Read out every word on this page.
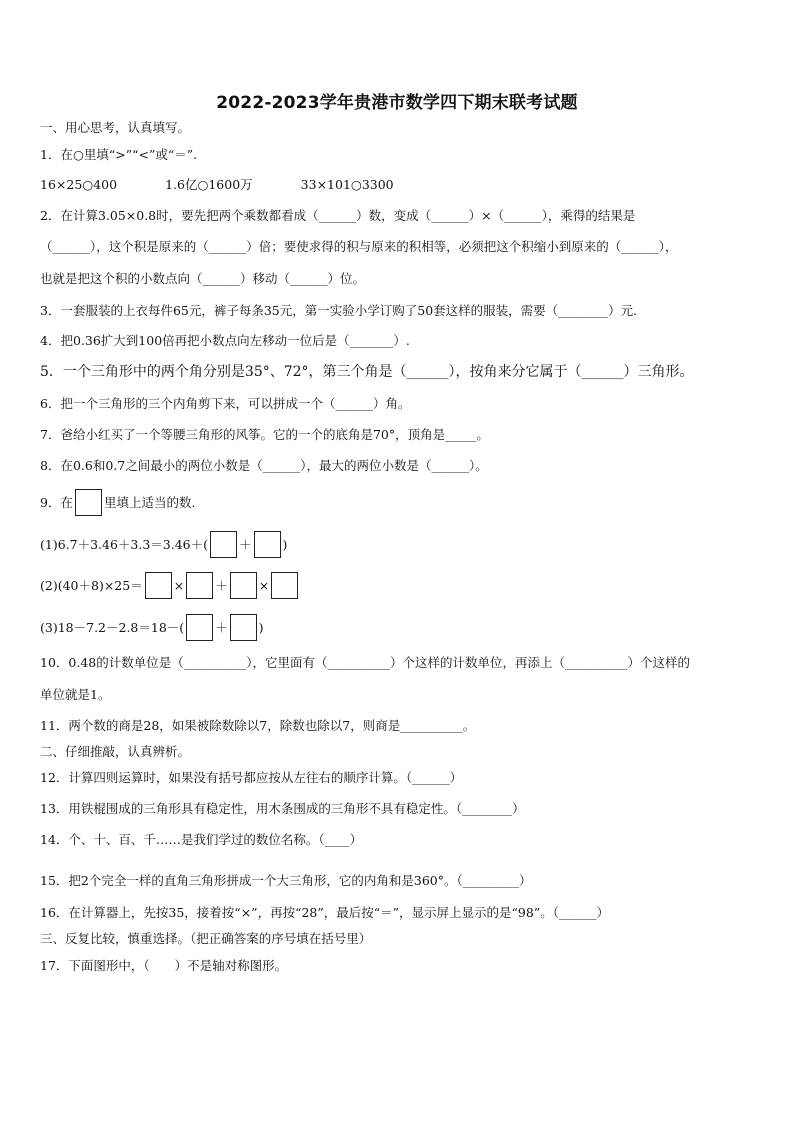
2022-2023学年贵港市数学四下期末联考试题
一、用心思考，认真填写。
1．在○里填“>”“<”或“＝”.
16×25○400	1.6亿○1600万	33×101○3300
2．在计算3.05×0.8时，要先把两个乘数都看成（______）数，变成（______）×（______），乘得的结果是
（______），这个积是原来的（______）倍；要使求得的积与原来的积相等，必须把这个积缩小到原来的（______），
也就是把这个积的小数点向（______）移动（______）位。
3．一套服装的上衣每件65元，裤子每条35元，第一实验小学订购了50套这样的服装，需要（________）元.
4．把0.36扩大到100倍再把小数点向左移动一位后是（_______）.
5．一个三角形中的两个角分别是35°、72°，第三个角是（______），按角来分它属于（______）三角形。
6．把一个三角形的三个内角剪下来，可以拼成一个（______）角。
7．爸给小红买了一个等腰三角形的风筝。它的一个的底角是70°，顶角是_____。
8．在0.6和0.7之间最小的两位小数是（______），最大的两位小数是（______）。
9．在 里填上适当的数.
(1)6.7＋3.46＋3.3＝3.46＋( ＋ )
(2)(40＋8)×25＝ × ＋ ×
(3)18－7.2－2.8＝18－( ＋ )
10．0.48的计数单位是（__________），它里面有（__________）个这样的计数单位，再添上（__________）个这样的
单位就是1。
11．两个数的商是28，如果被除数除以7，除数也除以7，则商是__________。
二、仔细推敲，认真辨析。
12．计算四则运算时，如果没有括号都应按从左往右的顺序计算。（______）
13．用铁棍围成的三角形具有稳定性，用木条围成的三角形不具有稳定性。（________）
14．个、十、百、千……是我们学过的数位名称。（____）
15．把2个完全一样的直角三角形拼成一个大三角形，它的内角和是360°。（_________）
16．在计算器上，先按35，接着按“×”，再按“28”，最后按“＝”，显示屏上显示的是“98”。（______）
三、反复比较，慎重选择。（把正确答案的序号填在括号里）
17．下面图形中，（　　）不是轴对称图形。
